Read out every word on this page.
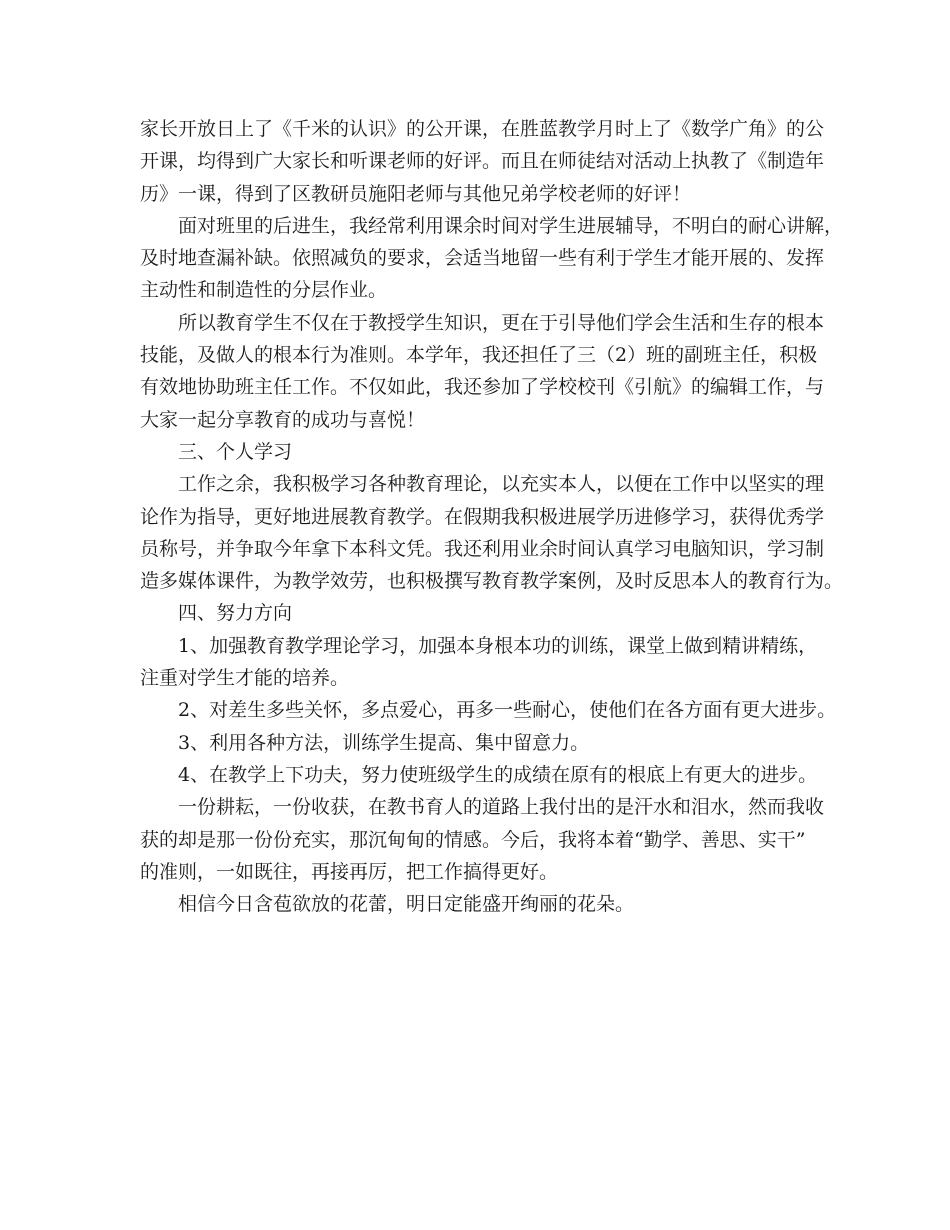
家长开放日上了《千米的认识》的公开课，在胜蓝教学月时上了《数学广角》的公
开课，均得到广大家长和听课老师的好评。而且在师徒结对活动上执教了《制造年
历》一课，得到了区教研员施阳老师与其他兄弟学校老师的好评！
面对班里的后进生，我经常利用课余时间对学生进展辅导，不明白的耐心讲解，
及时地查漏补缺。依照减负的要求，会适当地留一些有利于学生才能开展的、发挥
主动性和制造性的分层作业。
所以教育学生不仅在于教授学生知识，更在于引导他们学会生活和生存的根本
技能，及做人的根本行为准则。本学年，我还担任了三（2）班的副班主任，积极
有效地协助班主任工作。不仅如此，我还参加了学校校刊《引航》的编辑工作，与
大家一起分享教育的成功与喜悦！
三、个人学习
工作之余，我积极学习各种教育理论，以充实本人，以便在工作中以坚实的理
论作为指导，更好地进展教育教学。在假期我积极进展学历进修学习，获得优秀学
员称号，并争取今年拿下本科文凭。我还利用业余时间认真学习电脑知识，学习制
造多媒体课件，为教学效劳，也积极撰写教育教学案例，及时反思本人的教育行为。
四、努力方向
1、加强教育教学理论学习，加强本身根本功的训练，课堂上做到精讲精练，
注重对学生才能的培养。
2、对差生多些关怀，多点爱心，再多一些耐心，使他们在各方面有更大进步。
3、利用各种方法，训练学生提高、集中留意力。
4、在教学上下功夫，努力使班级学生的成绩在原有的根底上有更大的进步。
一份耕耘，一份收获，在教书育人的道路上我付出的是汗水和泪水，然而我收
获的却是那一份份充实，那沉甸甸的情感。今后，我将本着“勤学、善思、实干”
的准则，一如既往，再接再厉，把工作搞得更好。
相信今日含苞欲放的花蕾，明日定能盛开绚丽的花朵。
